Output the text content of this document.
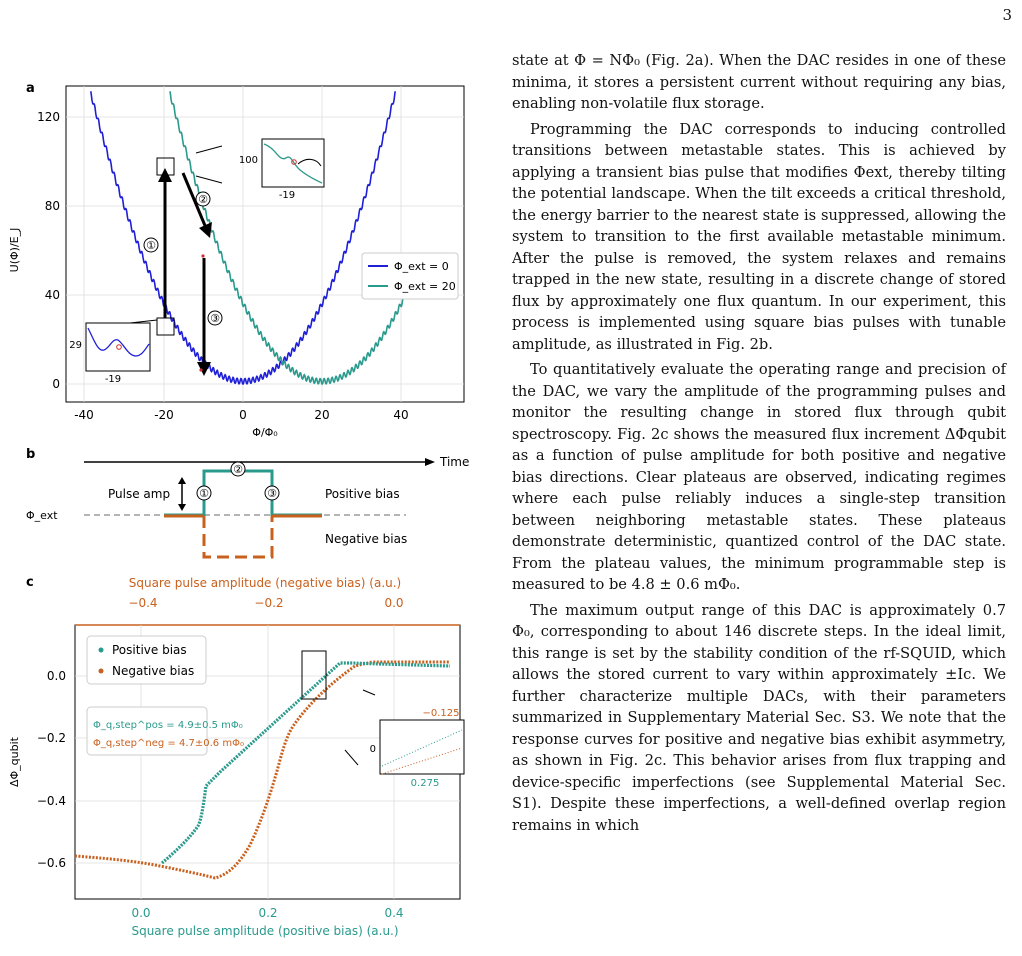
3
a
-40	-20	0	20	40
0
40
80
120
Φ/Φ₀
U(Φ)/E_J	①
②
③
100
-19
29
-19
Φ_ext = 0
Φ_ext = 20
b	Time
Pulse amp
Φ_ext
Positive bias
Negative bias
①
②
③
c	Square pulse amplitude (negative bias) (a.u.)
−0.4	−0.2	0.0
0.0
−0.2
−0.4
−0.6
ΔΦ_qubit
0.0	0.2	0.4
Square pulse amplitude (positive bias) (a.u.)
Positive bias
Negative bias
Φ_q,step^pos = 4.9±0.5 mΦ₀
Φ_q,step^neg = 4.7±0.6 mΦ₀
−0.125
0
0.275

state at Φ = NΦ₀ (Fig. 2a). When the DAC resides in one of these minima, it stores a persistent current without requiring any bias, enabling non-volatile flux storage.

Programming the DAC corresponds to inducing controlled transitions between metastable states. This is achieved by applying a transient bias pulse that modifies Φext, thereby tilting the potential landscape. When the tilt exceeds a critical threshold, the energy barrier to the nearest state is suppressed, allowing the system to transition to the first available metastable minimum. After the pulse is removed, the system relaxes and remains trapped in the new state, resulting in a discrete change of stored flux by approximately one flux quantum. In our experiment, this process is implemented using square bias pulses with tunable amplitude, as illustrated in Fig. 2b.

To quantitatively evaluate the operating range and precision of the DAC, we vary the amplitude of the programming pulses and monitor the resulting change in stored flux through qubit spectroscopy. Fig. 2c shows the measured flux increment ΔΦqubit as a function of pulse amplitude for both positive and negative bias directions. Clear plateaus are observed, indicating regimes where each pulse reliably induces a single-step transition between neighboring metastable states. These plateaus demonstrate deterministic, quantized control of the DAC state. From the plateau values, the minimum programmable step is measured to be 4.8 ± 0.6 mΦ₀.

The maximum output range of this DAC is approximately 0.7 Φ₀, corresponding to about 146 discrete steps. In the ideal limit, this range is set by the stability condition of the rf-SQUID, which allows the stored current to vary within approximately ±Ic. We further characterize multiple DACs, with their parameters summarized in Supplementary Material Sec. S3. We note that the response curves for positive and negative bias exhibit asymmetry, as shown in Fig. 2c. This behavior arises from flux trapping and device-specific imperfections (see Supplemental Material Sec. S1). Despite these imperfections, a well-defined overlap region remains in which
